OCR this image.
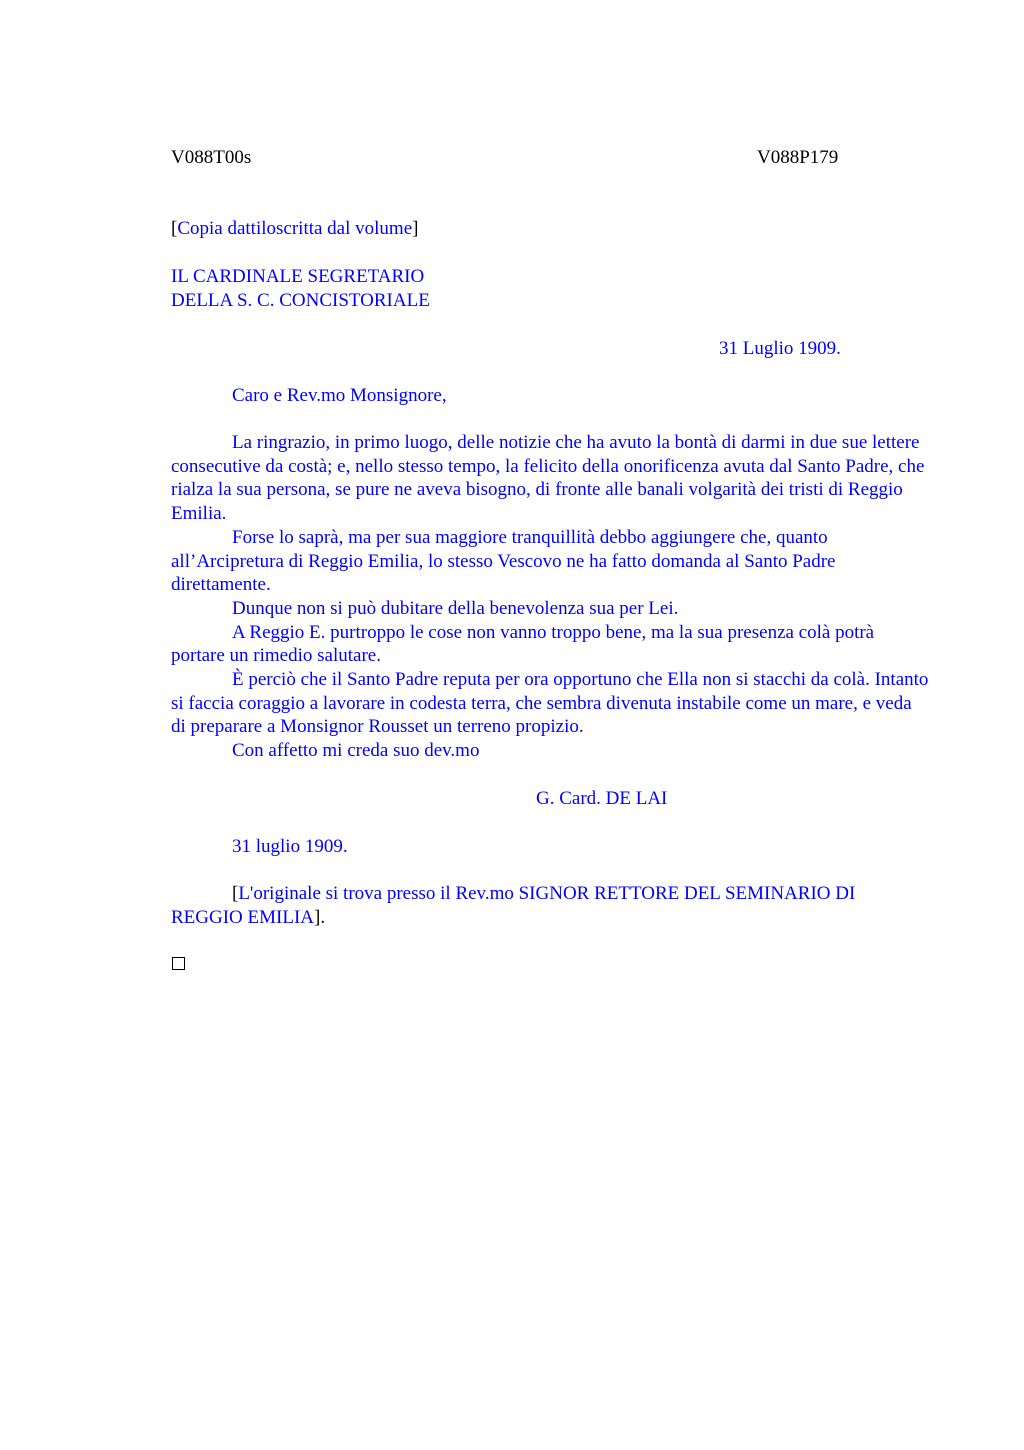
V088T00s	V088P179
[Copia dattiloscritta dal volume]
IL CARDINALE SEGRETARIO
DELLA S. C. CONCISTORIALE
31 Luglio 1909.
Caro e Rev.mo Monsignore,

La ringrazio, in primo luogo, delle notizie che ha avuto la bontà di darmi in due sue lettere consecutive da costà; e, nello stesso tempo, la felicito della onorificenza avuta dal Santo Padre, che rialza la sua persona, se pure ne aveva bisogno, di fronte alle banali volgarità dei tristi di Reggio Emilia.

Forse lo saprà, ma per sua maggiore tranquillità debbo aggiungere che, quanto all’Arcipretura di Reggio Emilia, lo stesso Vescovo ne ha fatto domanda al Santo Padre direttamente.

Dunque non si può dubitare della benevolenza sua per Lei.

A Reggio E. purtroppo le cose non vanno troppo bene, ma la sua presenza colà potrà portare un rimedio salutare.

È perciò che il Santo Padre reputa per ora opportuno che Ella non si stacchi da colà. Intanto si faccia coraggio a lavorare in codesta terra, che sembra divenuta instabile come un mare, e veda di preparare a Monsignor Rousset un terreno propizio.

Con affetto mi creda suo dev.mo

G. Card. DE LAI
31 luglio 1909.

[L'originale si trova presso il Rev.mo SIGNOR RETTORE DEL SEMINARIO DI REGGIO EMILIA].
